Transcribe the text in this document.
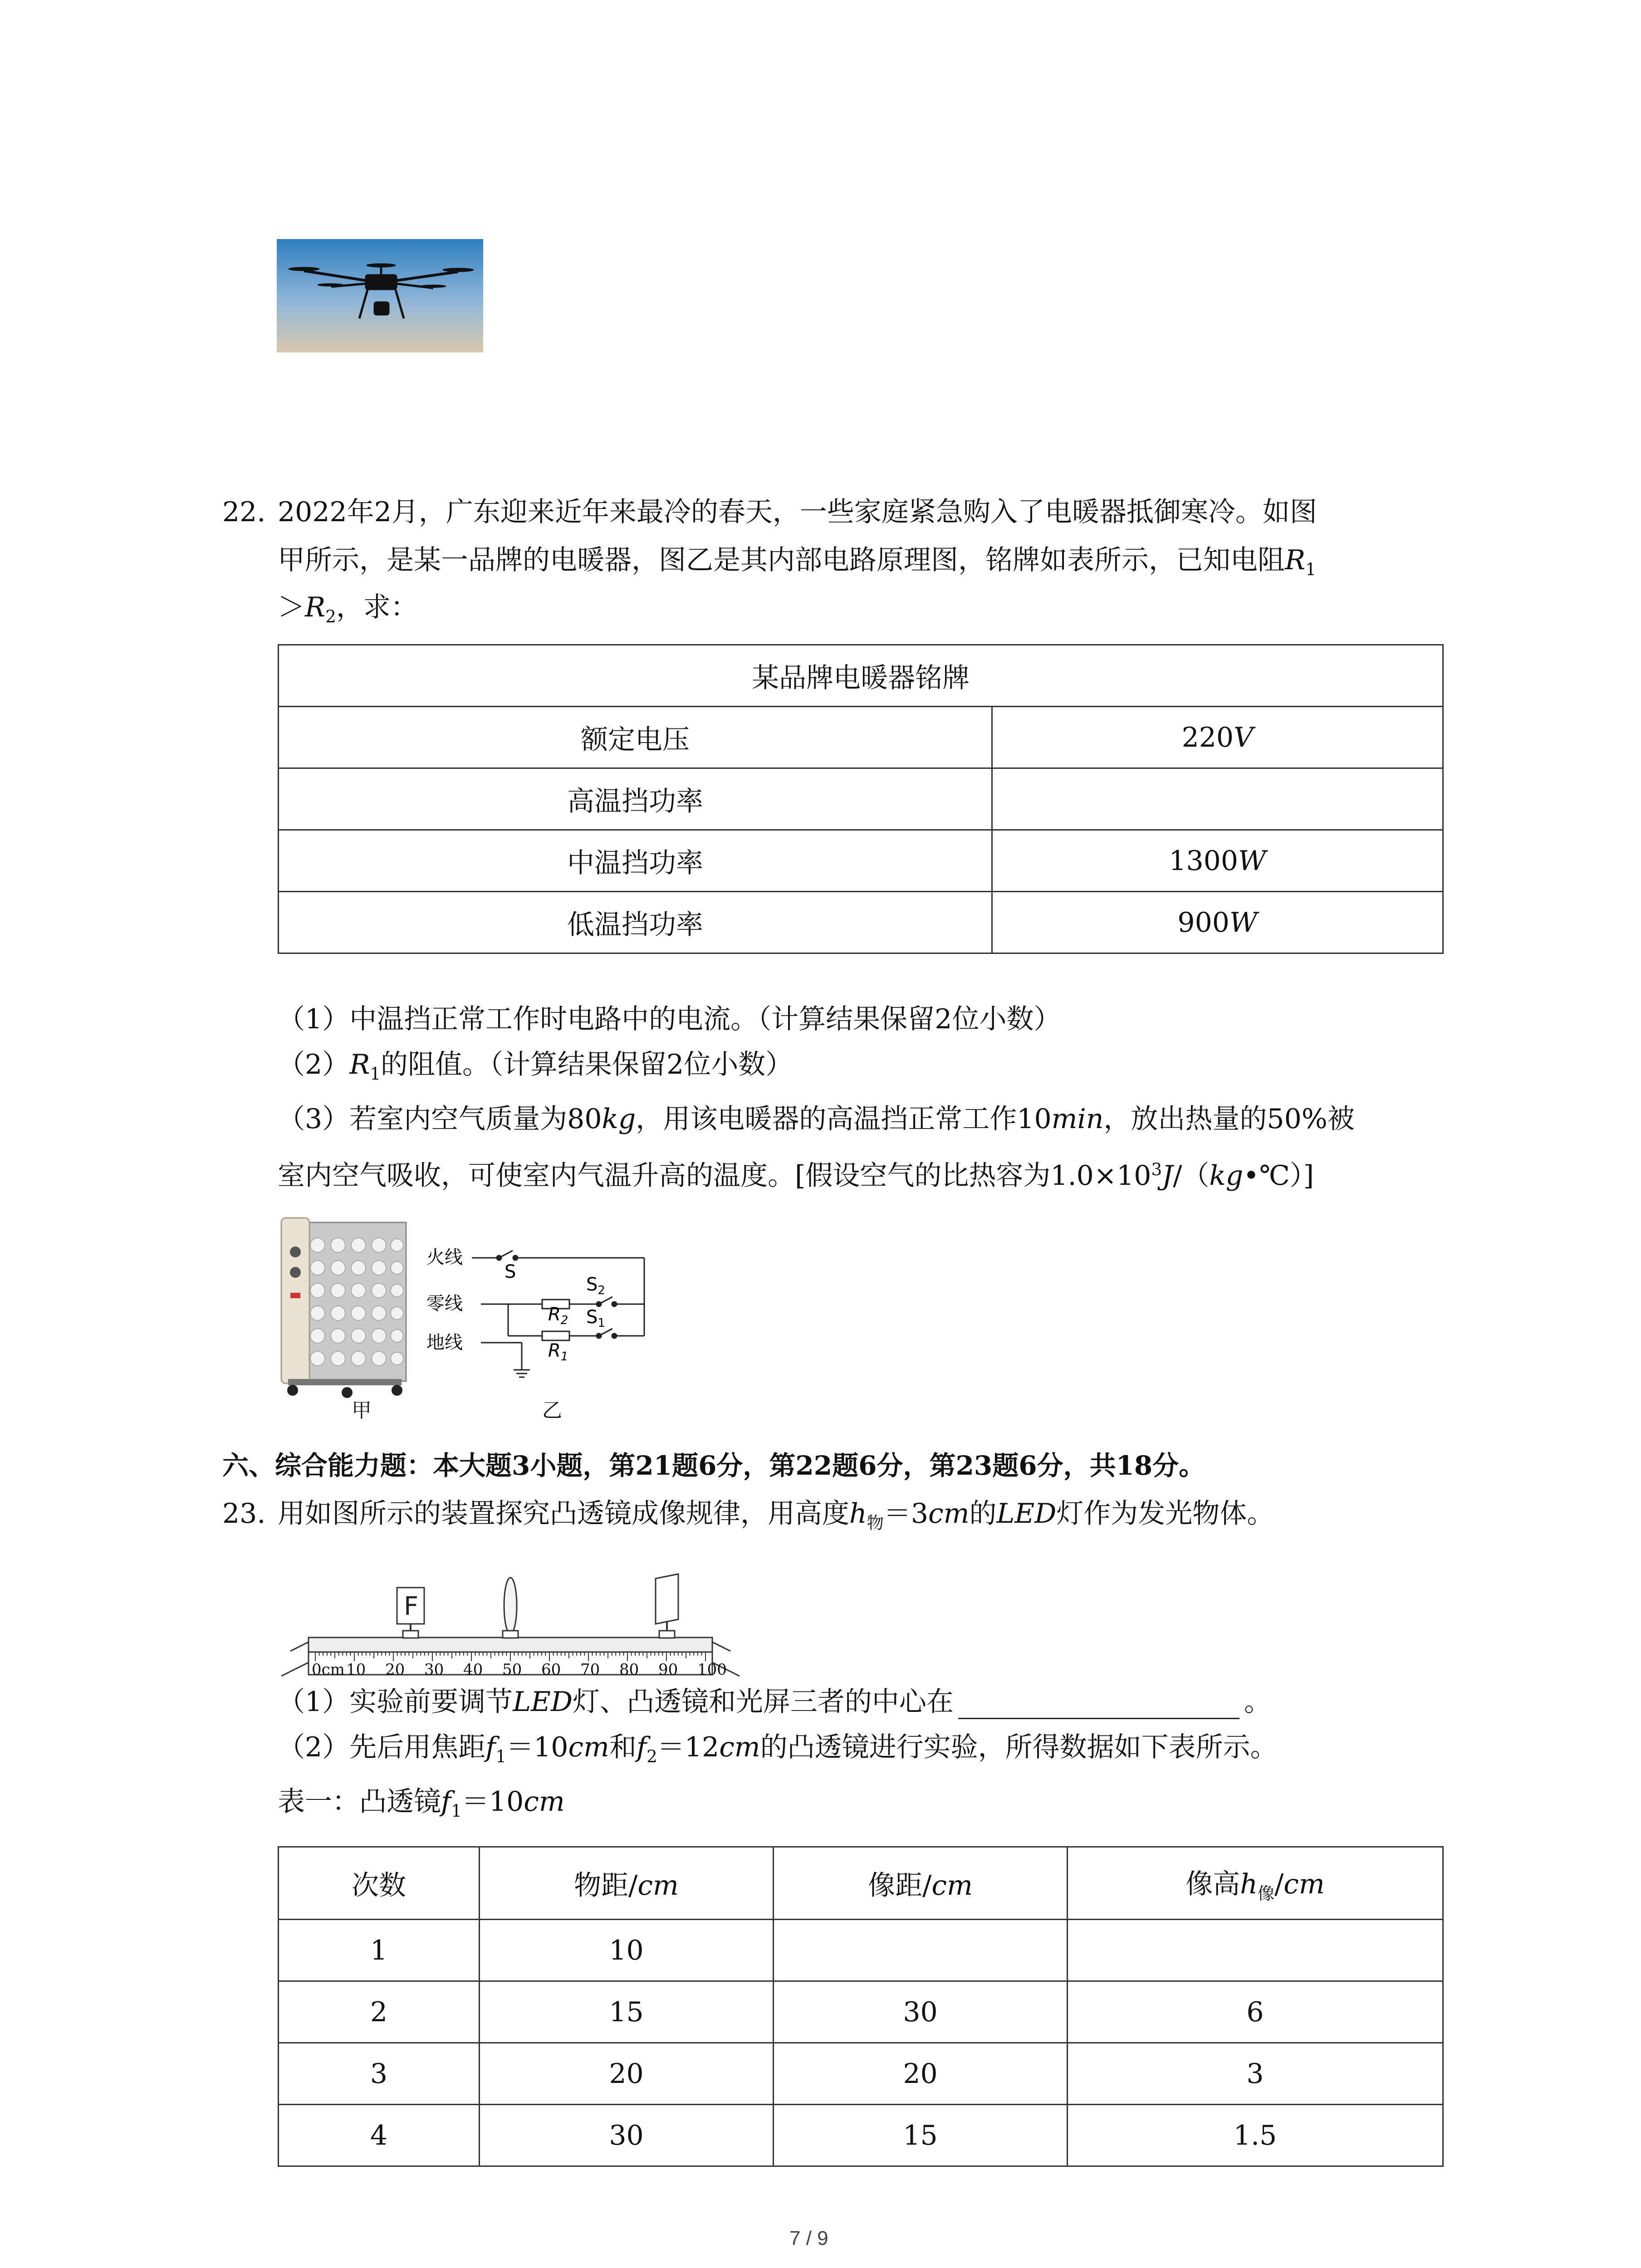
22. 2022年2月，广东迎来近年来最冷的春天，一些家庭紧急购入了电暖器抵御寒冷。如图
甲所示，是某一品牌的电暖器，图乙是其内部电路原理图，铭牌如表所示，已知电阻$R_1$
$>R_2$，求：
某品牌电暖器铭牌	
额定电压	220V
高温挡功率	
中温挡功率	1300W
低温挡功率	900W
（1）中温挡正常工作时电路中的电流。（计算结果保留2位小数）
$(2)R_1$的阻值。（计算结果保留2位小数）
（3）若室内空气质量为80kg，用该电暖器的高温挡正常工作10min，放出热量的50%被
室内空气吸收，可使室内气温升高的温度。[假设空气的比热容为$1.0\times 10^3J/(kg•℃)$]
甲
火线
零线
地线
S
$S_2$
$R_2$ $S_1$
$R_1$
乙
六、综合能力题：本大题3小题，第21题6分，第22题6分，第23题6分，共18分。
23. 用如图所示的装置探究凸透镜成像规律，用高度$h_物=3cm$的LED灯作为发光物体。
0cm 10 20 30 40 50 60 70 80 90 100
F
（1）实验前要调节LED灯、凸透镜和光屏三者的中心在	。
（2）先后用焦距$f_1=10cm$和$f_2=12cm$的凸透镜进行实验，所得数据如下表所示。
表一：凸透镜$f_1=10cm$
次数	物距/cm	像距/cm	像高$h_像/cm$
1	10		
2	15	30	6
3	20	20	3
4	30	15	1.5
7 / 9
